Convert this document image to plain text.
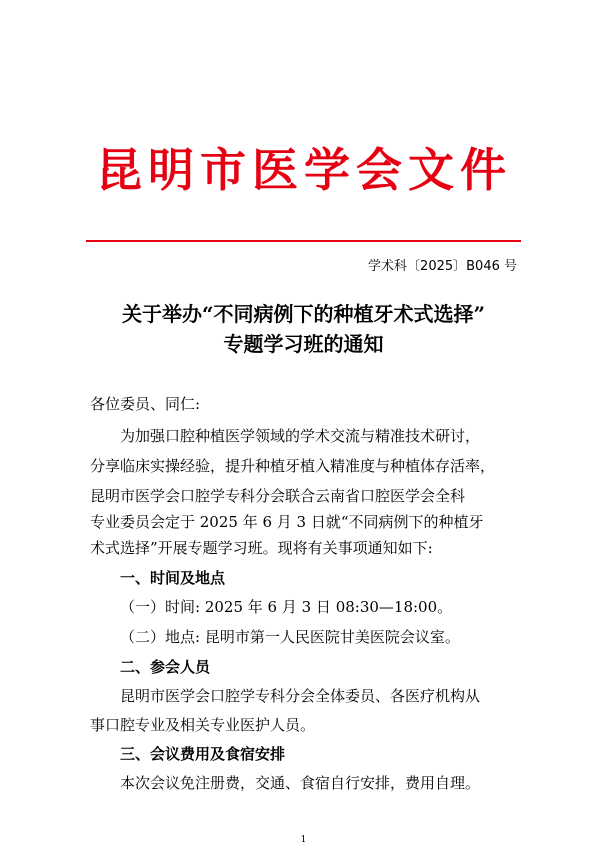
昆明市医学会文件
学术科〔2025〕B046 号
关于举办“不同病例下的种植牙术式选择”
专题学习班的通知
各位委员、同仁:
为加强口腔种植医学领域的学术交流与精准技术研讨，
分享临床实操经验，提升种植牙植入精准度与种植体存活率，
昆明市医学会口腔学专科分会联合云南省口腔医学会全科
专业委员会定于 2025 年 6 月 3 日就“不同病例下的种植牙
术式选择”开展专题学习班。现将有关事项通知如下:
一、时间及地点
（一）时间: 2025 年 6 月 3 日 08:30—18:00。
（二）地点: 昆明市第一人民医院甘美医院会议室。
二、参会人员
昆明市医学会口腔学专科分会全体委员、各医疗机构从
事口腔专业及相关专业医护人员。
三、会议费用及食宿安排
本次会议免注册费，交通、食宿自行安排，费用自理。
1
